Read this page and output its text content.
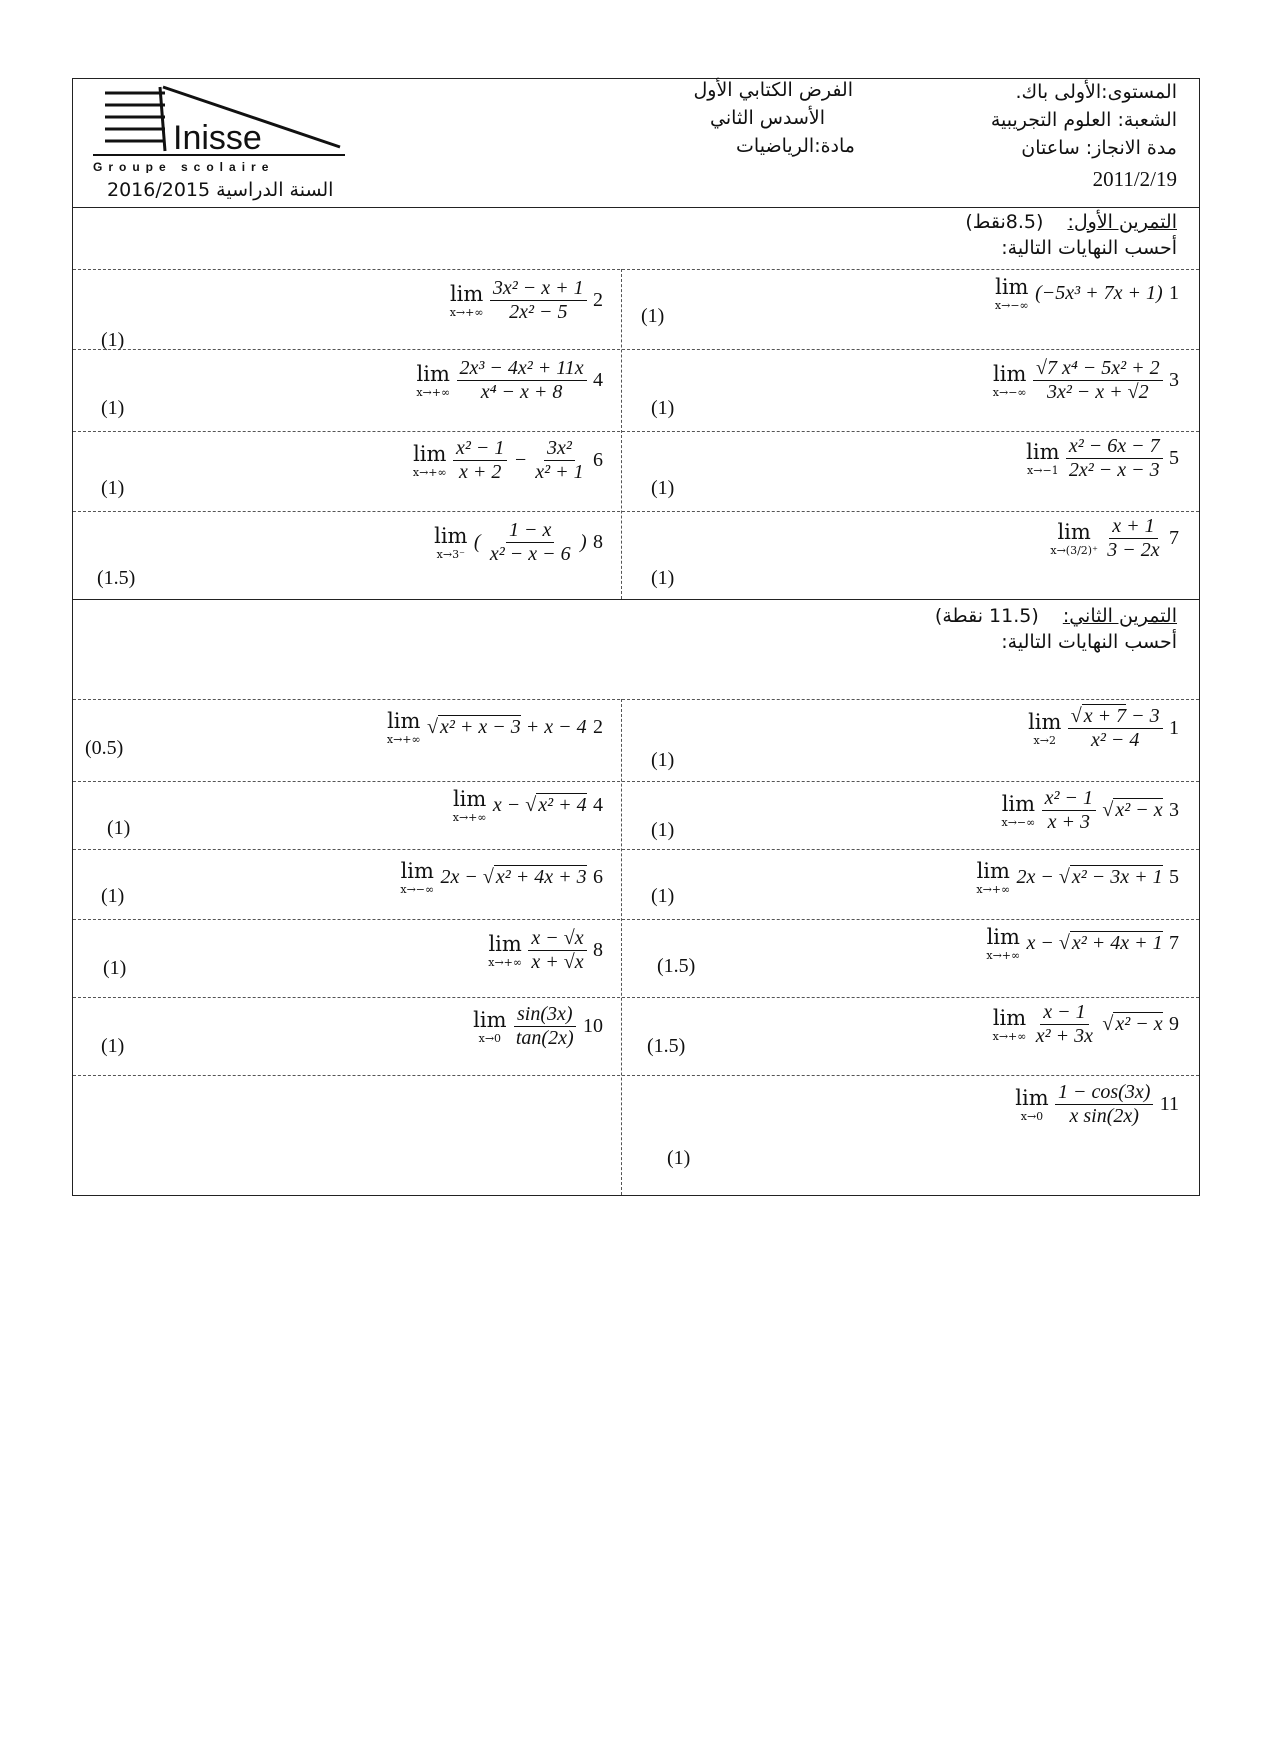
المستوى:الأولى باك.
الشعبة: العلوم التجريبية
مدة الانجاز: ساعتان
2011/2/19
الفرض الكتابي الأول
الأسدس الثاني
مادة:الرياضيات
Inisse
Groupe scolaire
السنة الدراسية 2016/2015
التمرين الأول: (8.5نقط)
أحسب النهايات التالية:
lim
x→−∞
(−5x³ + 7x + 1) 1
(1)
lim
x→−∞
$\frac{\text{√7 x⁴ − 5x² + 2}}{\text{3x² − x + √2}} 3$
(1)
lim
x→−1
$\frac{\text{x² − 6x − 7}}{\text{2x² − x − 3}} 5$
(1)
lim
x→(3/2)⁺
$\frac{x + 1}{3 - 2x} 7$
(1)
lim
x→+∞
$\frac{\text{3x² − x + 1}}{\text{2x² − 5}} 2$
(1)
lim
x→+∞
$\frac{\text{2x³ − 4x² + 11x}}{\text{x⁴ − x + 8}} 4$
(1)
lim
x→+∞
$\frac{\text{x² − 1}}{x + 2} - \frac{\text{3x²}}{\text{x² + 1}} 6$
(1)
lim
x→3⁻
( $\frac{1 - x}{\text{x² − x − 6}}$ ) 8
(1.5)
التمرين الثاني: (11.5 نقطة)
أحسب النهايات التالية:
lim
x→2
$\frac{√ x + 7 - 3}{\text{x² − 4}} 1$
(1)
lim
x→−∞
$\frac{\text{x² − 1}}{x + 3}$ √ x² − x 3
(1)
lim
x→+∞
2x − √ x² − 3x + 1 5
(1)
lim
x→+∞
x − √ x² + 4x + 1 7
(1.5)
lim
x→+∞
$\frac{x - 1}{\text{x² + 3x}}$ √ x² − x 9
(1.5)
lim
x→0
$\frac{1 - \cos(3x)}{\text{x sin(2x)}} 11$
(1)
lim
x→+∞
√ x² + x − 3 + x − 4 2
(0.5)
lim
x→+∞
x − √ x² + 4 4
(1)
lim
x→−∞
2x − √ x² + 4x + 3 6
(1)
lim
x→+∞
$\frac{x - √x}{x + √x} 8$
(1)
lim
x→0
$\frac{\sin(3x)}{\tan(2x)} 10$
(1)
